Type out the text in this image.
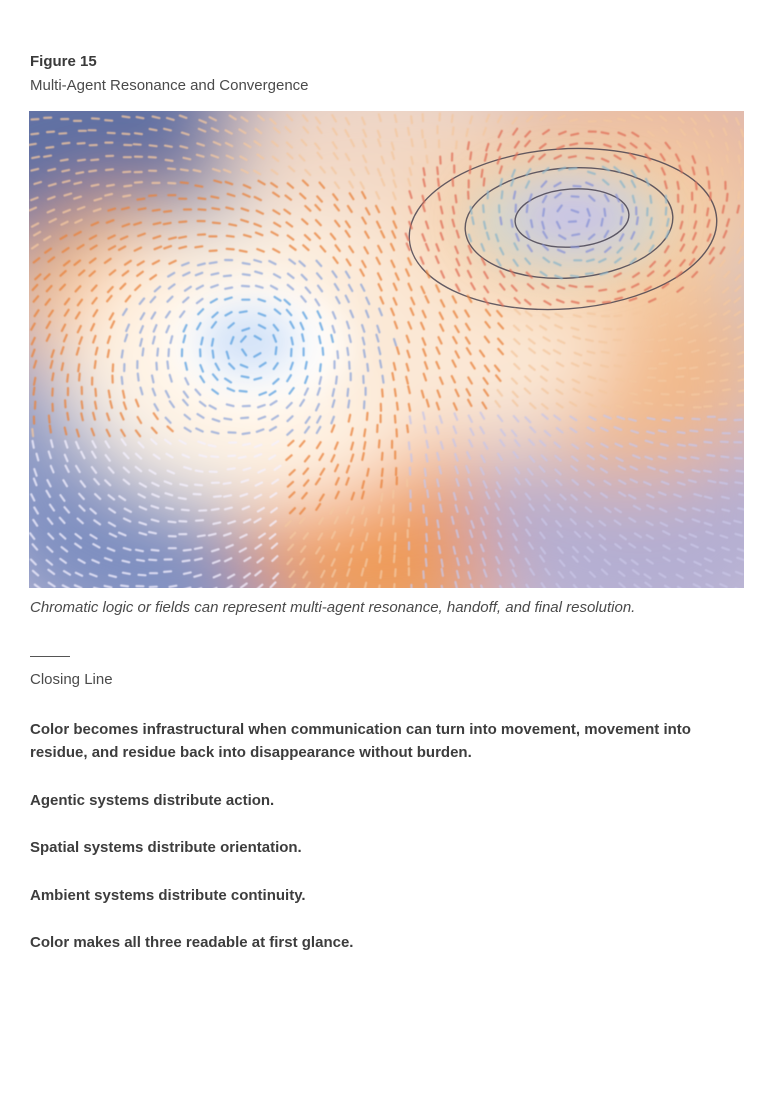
Figure 15

Multi-Agent Resonance and Convergence

Chromatic logic or fields can represent multi-agent resonance, handoff, and final resolution.

Closing Line

Color becomes infrastructural when communication can turn into movement, movement into residue, and residue back into disappearance without burden.

Agentic systems distribute action.

Spatial systems distribute orientation.

Ambient systems distribute continuity.

Color makes all three readable at first glance.
